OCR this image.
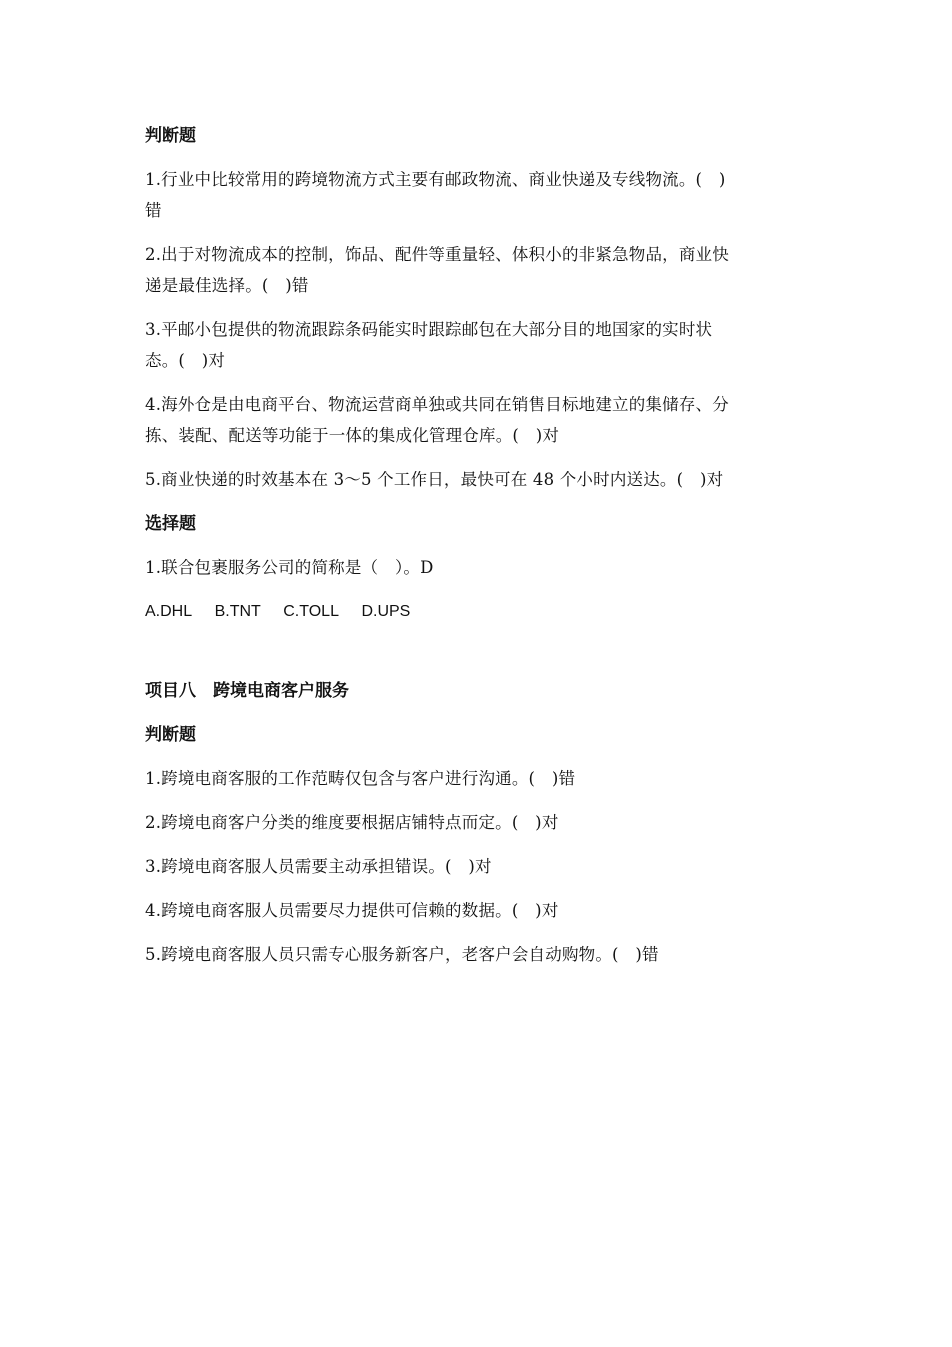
判断题

1.行业中比较常用的跨境物流方式主要有邮政物流、商业快递及专线物流。(　)
错

2.出于对物流成本的控制，饰品、配件等重量轻、体积小的非紧急物品，商业快
递是最佳选择。(　)错

3.平邮小包提供的物流跟踪条码能实时跟踪邮包在大部分目的地国家的实时状
态。(　)对

4.海外仓是由电商平台、物流运营商单独或共同在销售目标地建立的集储存、分
拣、装配、配送等功能于一体的集成化管理仓库。(　)对

5.商业快递的时效基本在 3～5 个工作日，最快可在 48 个小时内送达。(　)对

选择题

1.联合包裹服务公司的简称是（　）。D

A.DHL B.TNT C.TOLL D.UPS

项目八　跨境电商客户服务

判断题

1.跨境电商客服的工作范畴仅包含与客户进行沟通。(　)错

2.跨境电商客户分类的维度要根据店铺特点而定。(　)对

3.跨境电商客服人员需要主动承担错误。(　)对

4.跨境电商客服人员需要尽力提供可信赖的数据。(　)对

5.跨境电商客服人员只需专心服务新客户，老客户会自动购物。(　)错
